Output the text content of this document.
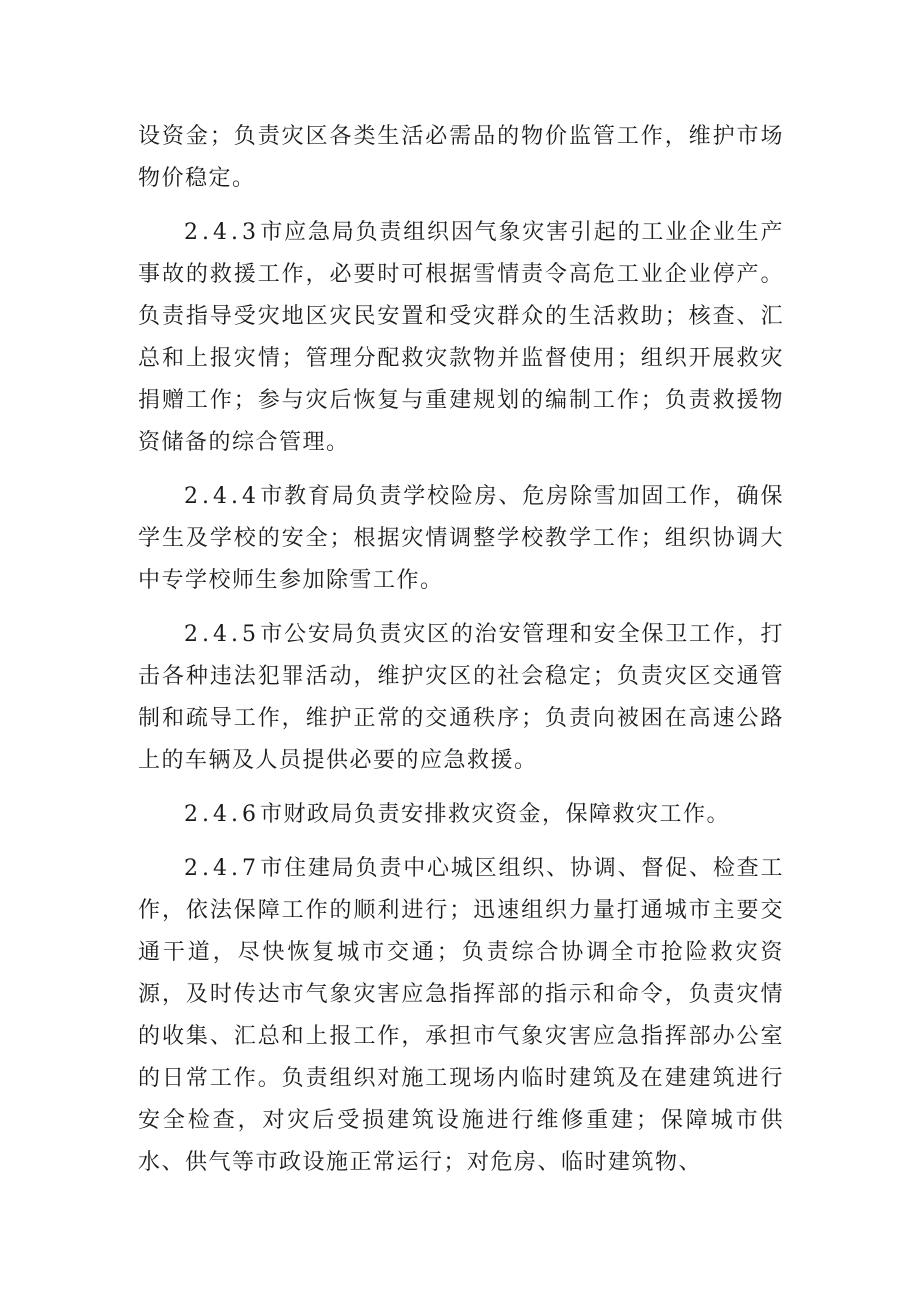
设资金；负责灾区各类生活必需品的物价监管工作，维护市场物价稳定。

2.4.3市应急局负责组织因气象灾害引起的工业企业生产事故的救援工作，必要时可根据雪情责令高危工业企业停产。负责指导受灾地区灾民安置和受灾群众的生活救助；核查、汇总和上报灾情；管理分配救灾款物并监督使用；组织开展救灾捐赠工作；参与灾后恢复与重建规划的编制工作；负责救援物资储备的综合管理。

2.4.4市教育局负责学校险房、危房除雪加固工作，确保学生及学校的安全；根据灾情调整学校教学工作；组织协调大中专学校师生参加除雪工作。

2.4.5市公安局负责灾区的治安管理和安全保卫工作，打击各种违法犯罪活动，维护灾区的社会稳定；负责灾区交通管制和疏导工作，维护正常的交通秩序；负责向被困在高速公路上的车辆及人员提供必要的应急救援。

2.4.6市财政局负责安排救灾资金，保障救灾工作。

2.4.7市住建局负责中心城区组织、协调、督促、检查工作，依法保障工作的顺利进行；迅速组织力量打通城市主要交通干道，尽快恢复城市交通；负责综合协调全市抢险救灾资源，及时传达市气象灾害应急指挥部的指示和命令，负责灾情的收集、汇总和上报工作，承担市气象灾害应急指挥部办公室的日常工作。负责组织对施工现场内临时建筑及在建建筑进行安全检查，对灾后受损建筑设施进行维修重建；保障城市供水、供气等市政设施正常运行；对危房、临时建筑物、
